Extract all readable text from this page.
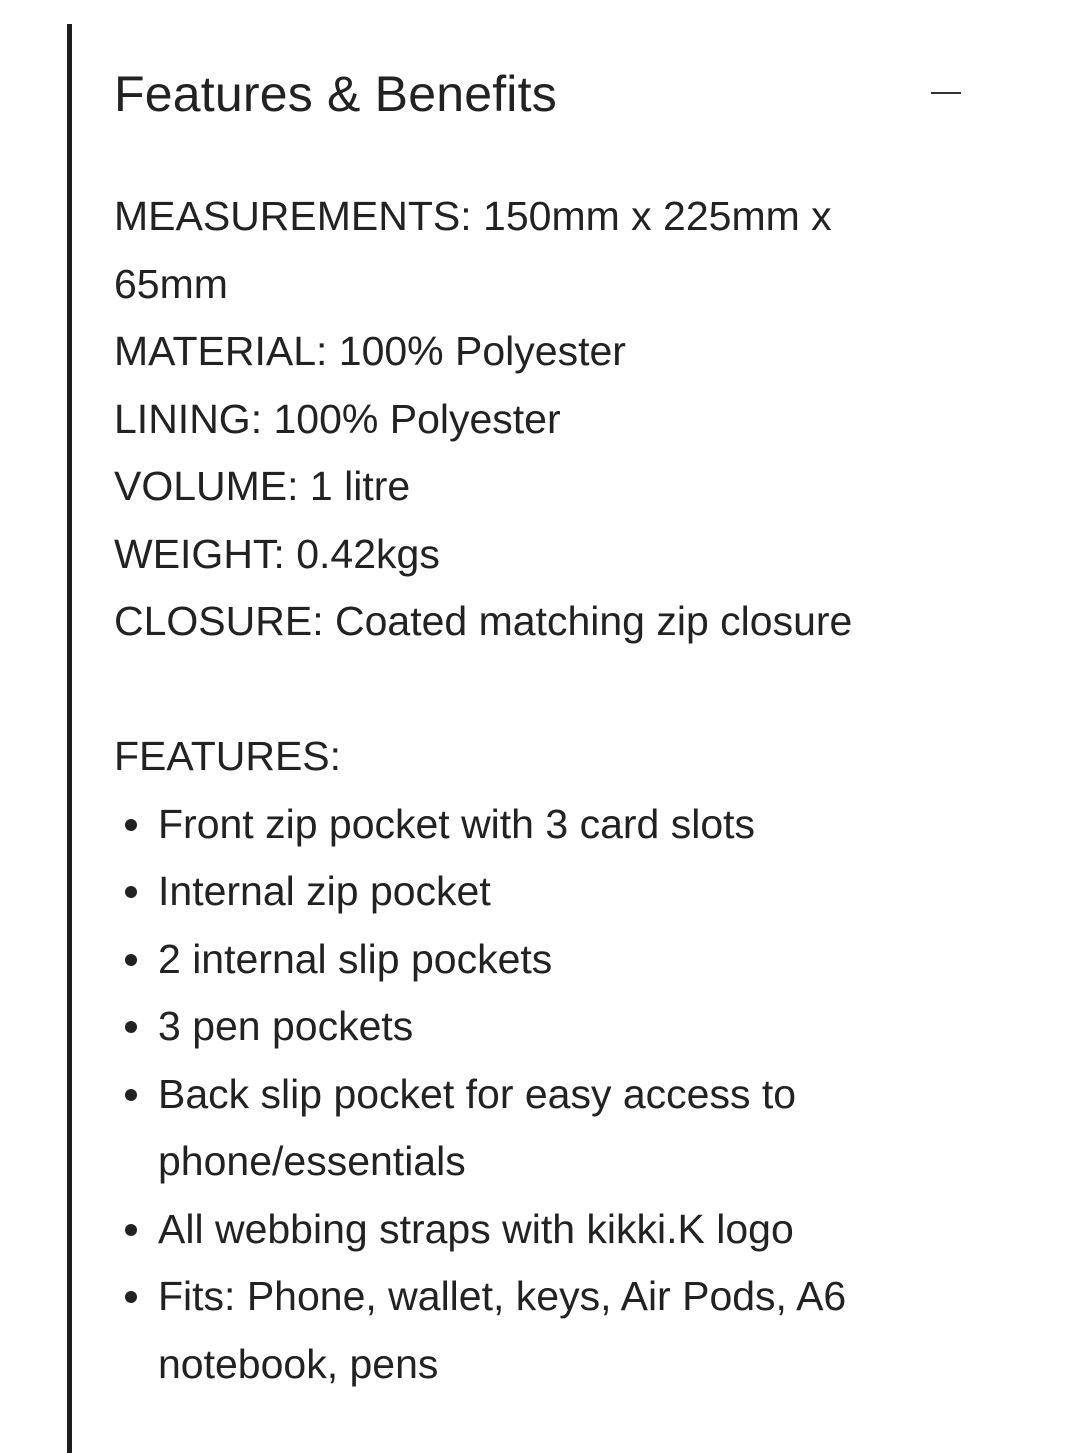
Features & Benefits
MEASUREMENTS: 150mm x 225mm x 65mm
MATERIAL: 100% Polyester
LINING: 100% Polyester
VOLUME: 1 litre
WEIGHT: 0.42kgs
CLOSURE: Coated matching zip closure
FEATURES:
Front zip pocket with 3 card slots
Internal zip pocket
2 internal slip pockets
3 pen pockets
Back slip pocket for easy access to phone/essentials
All webbing straps with kikki.K logo
Fits: Phone, wallet, keys, Air Pods, A6 notebook, pens
